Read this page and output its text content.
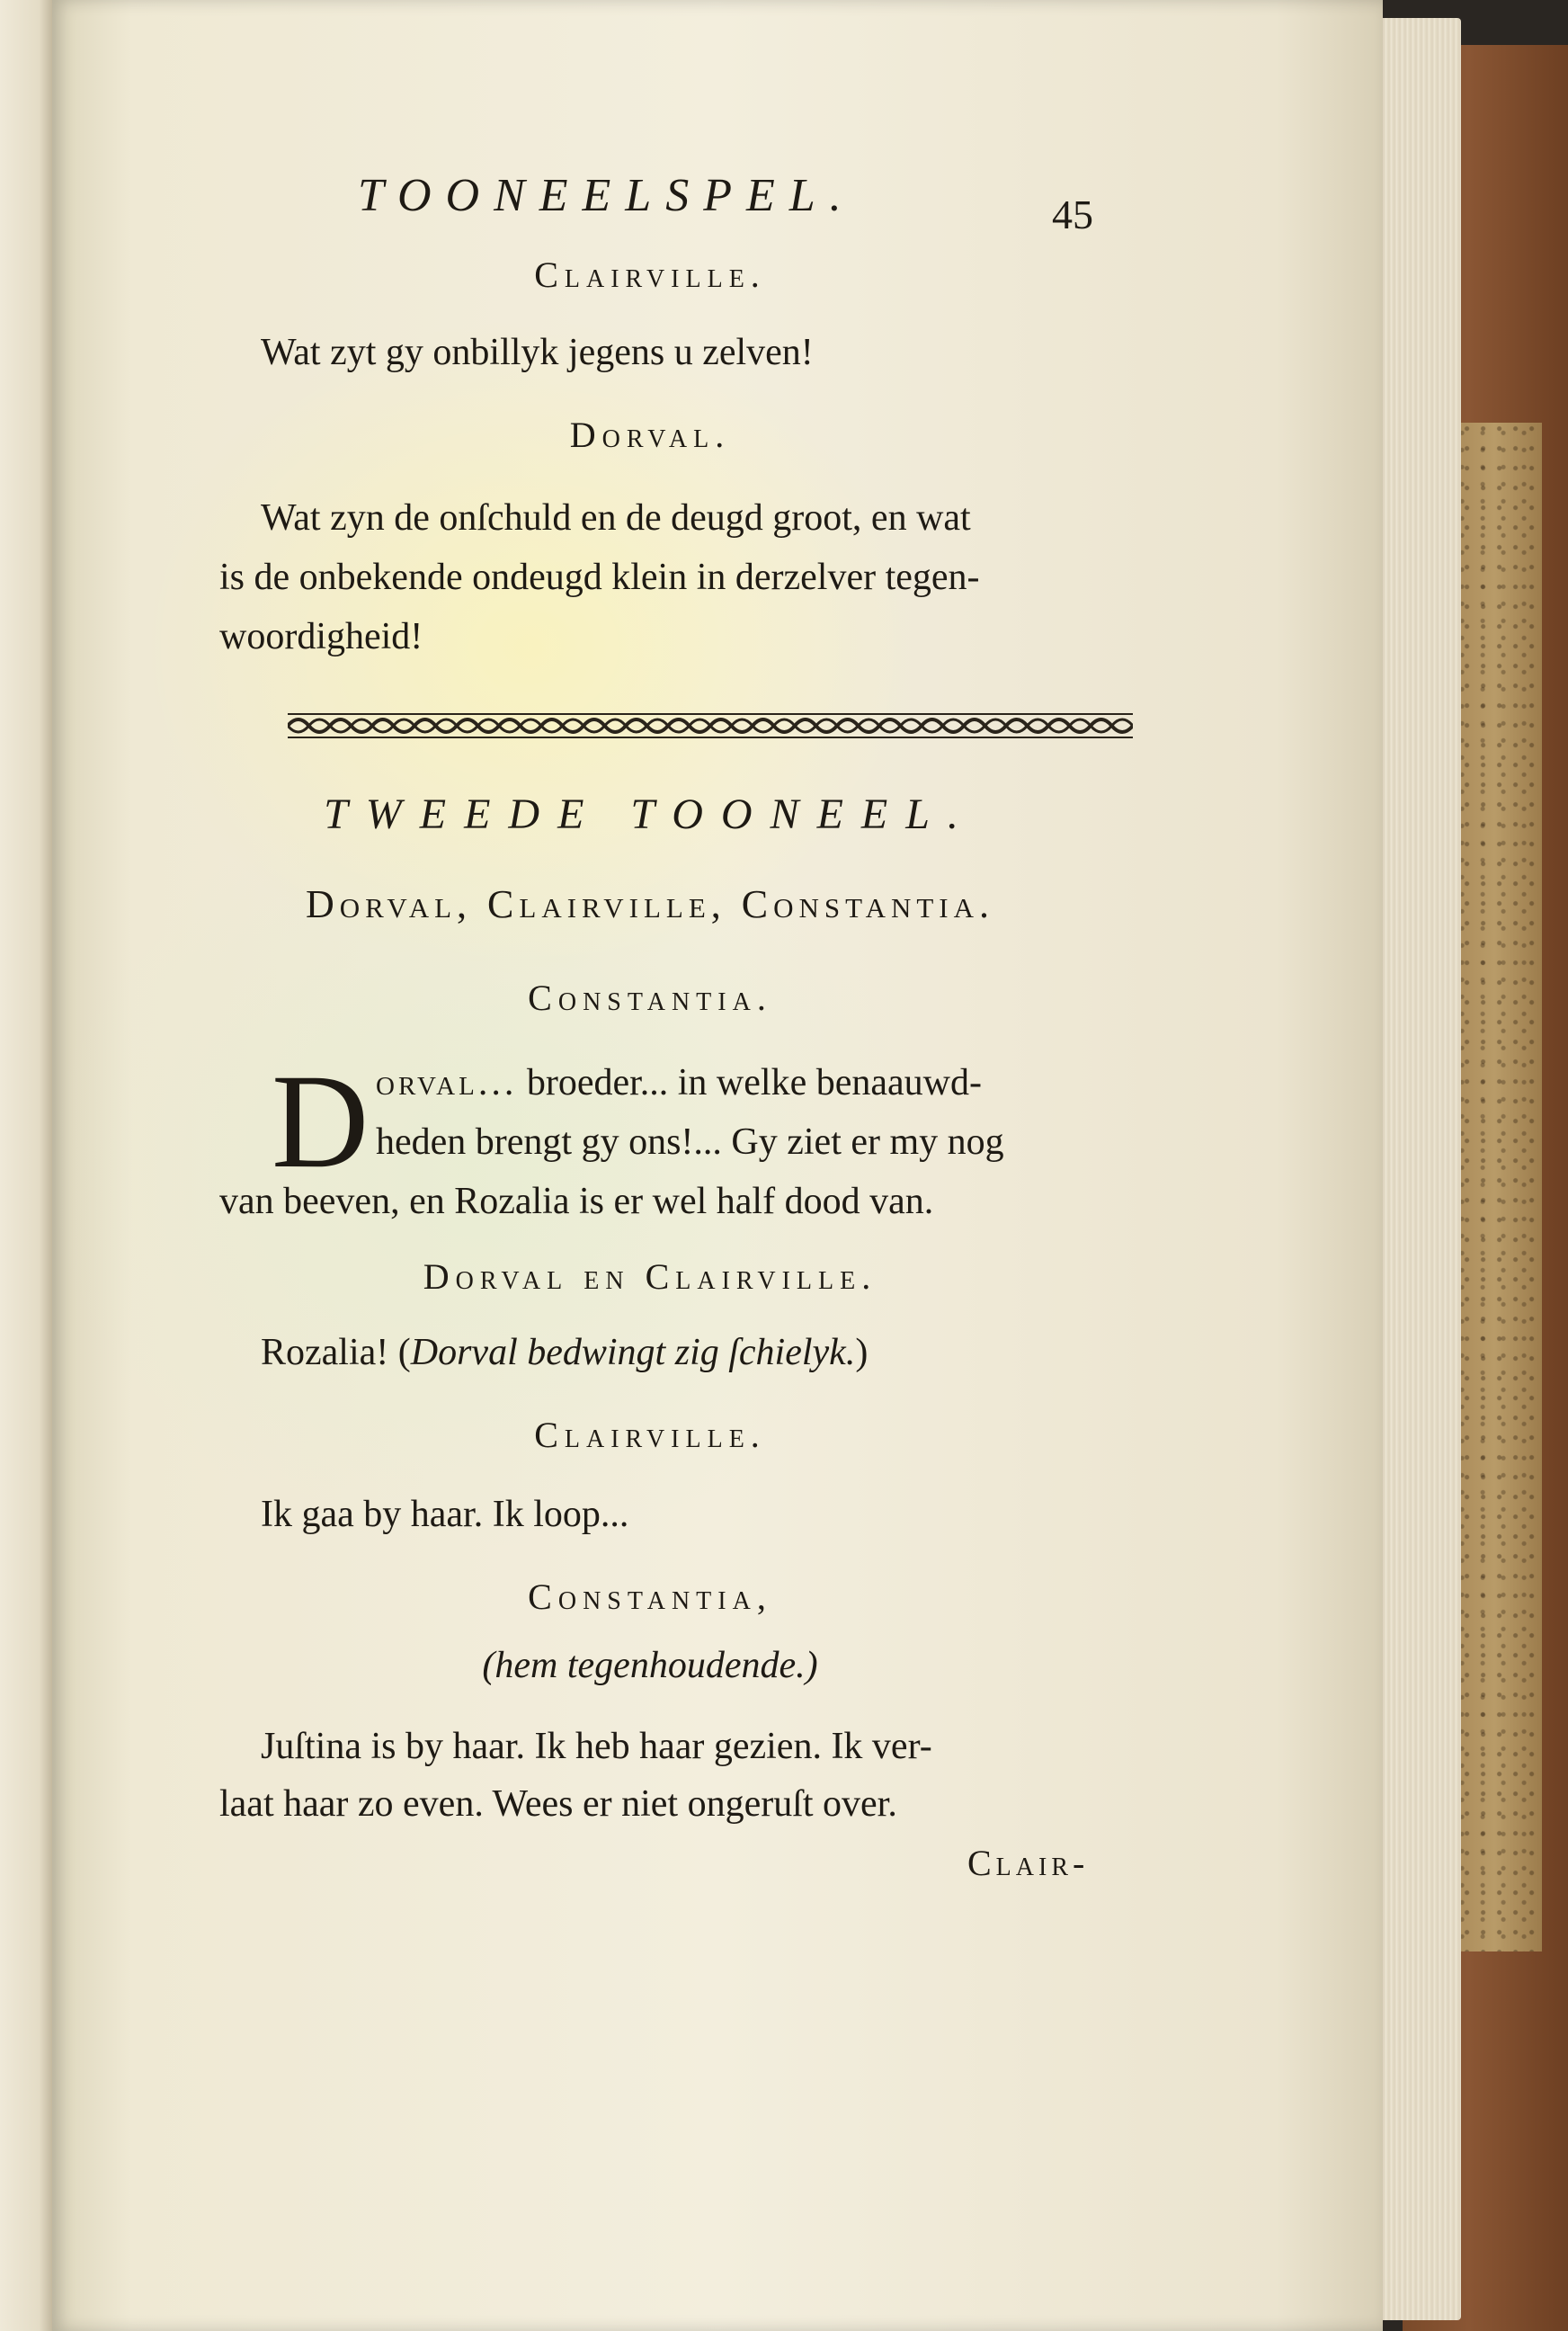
TOONEELSPEL.	45
Clairville.
Wat zyt gy onbillyk jegens u zelven!
Dorval.
Wat zyn de onſchuld en de deugd groot, en wat
is de onbekende ondeugd klein in derzelver tegen-
woordigheid!
TWEEDE TOONEEL.
Dorval, Clairville, Constantia.
Constantia.
D orval... broeder... in welke benaauwd-
heden brengt gy ons!... Gy ziet er my nog
van beeven, en Rozalia is er wel half dood van.
Dorval en Clairville.
Rozalia! (Dorval bedwingt zig ſchielyk.)
Clairville.
Ik gaa by haar. Ik loop...
Constantia,
(hem tegenhoudende.)
Juſtina is by haar. Ik heb haar gezien. Ik ver-
laat haar zo even. Wees er niet ongeruſt over.
Clair-
